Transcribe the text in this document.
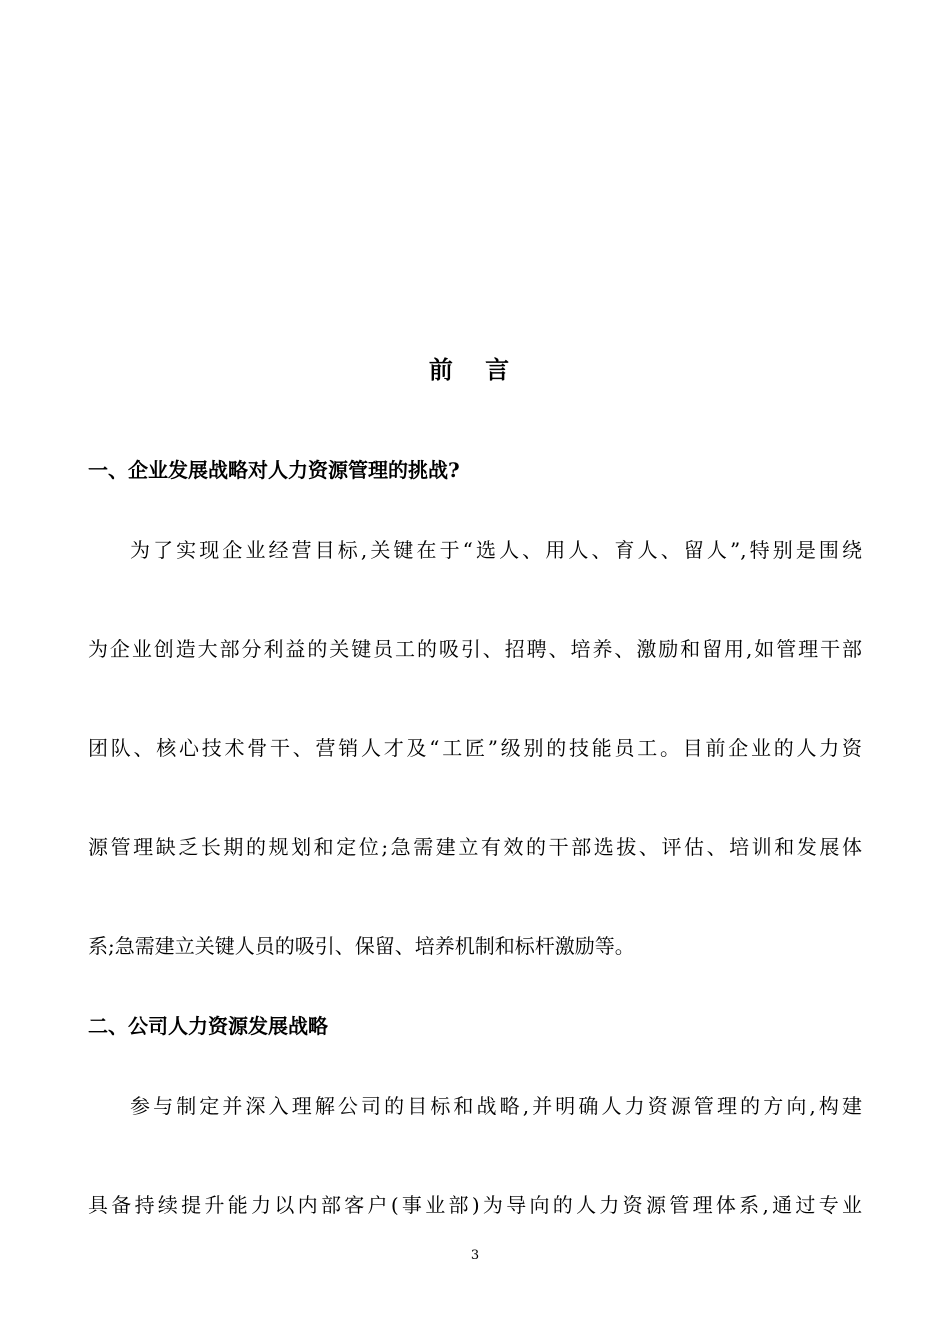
前 言
一、企业发展战略对人力资源管理的挑战?
为了实现企业经营目标,关键在于“选人、用人、育人、留人”,特别是围绕
为企业创造大部分利益的关键员工的吸引、招聘、培养、激励和留用,如管理干部
团队、核心技术骨干、营销人才及“工匠”级别的技能员工。目前企业的人力资
源管理缺乏长期的规划和定位;急需建立有效的干部选拔、评估、培训和发展体
系;急需建立关键人员的吸引、保留、培养机制和标杆激励等。
二、公司人力资源发展战略
参与制定并深入理解公司的目标和战略,并明确人力资源管理的方向,构建
具备持续提升能力以内部客户(事业部)为导向的人力资源管理体系,通过专业
3
